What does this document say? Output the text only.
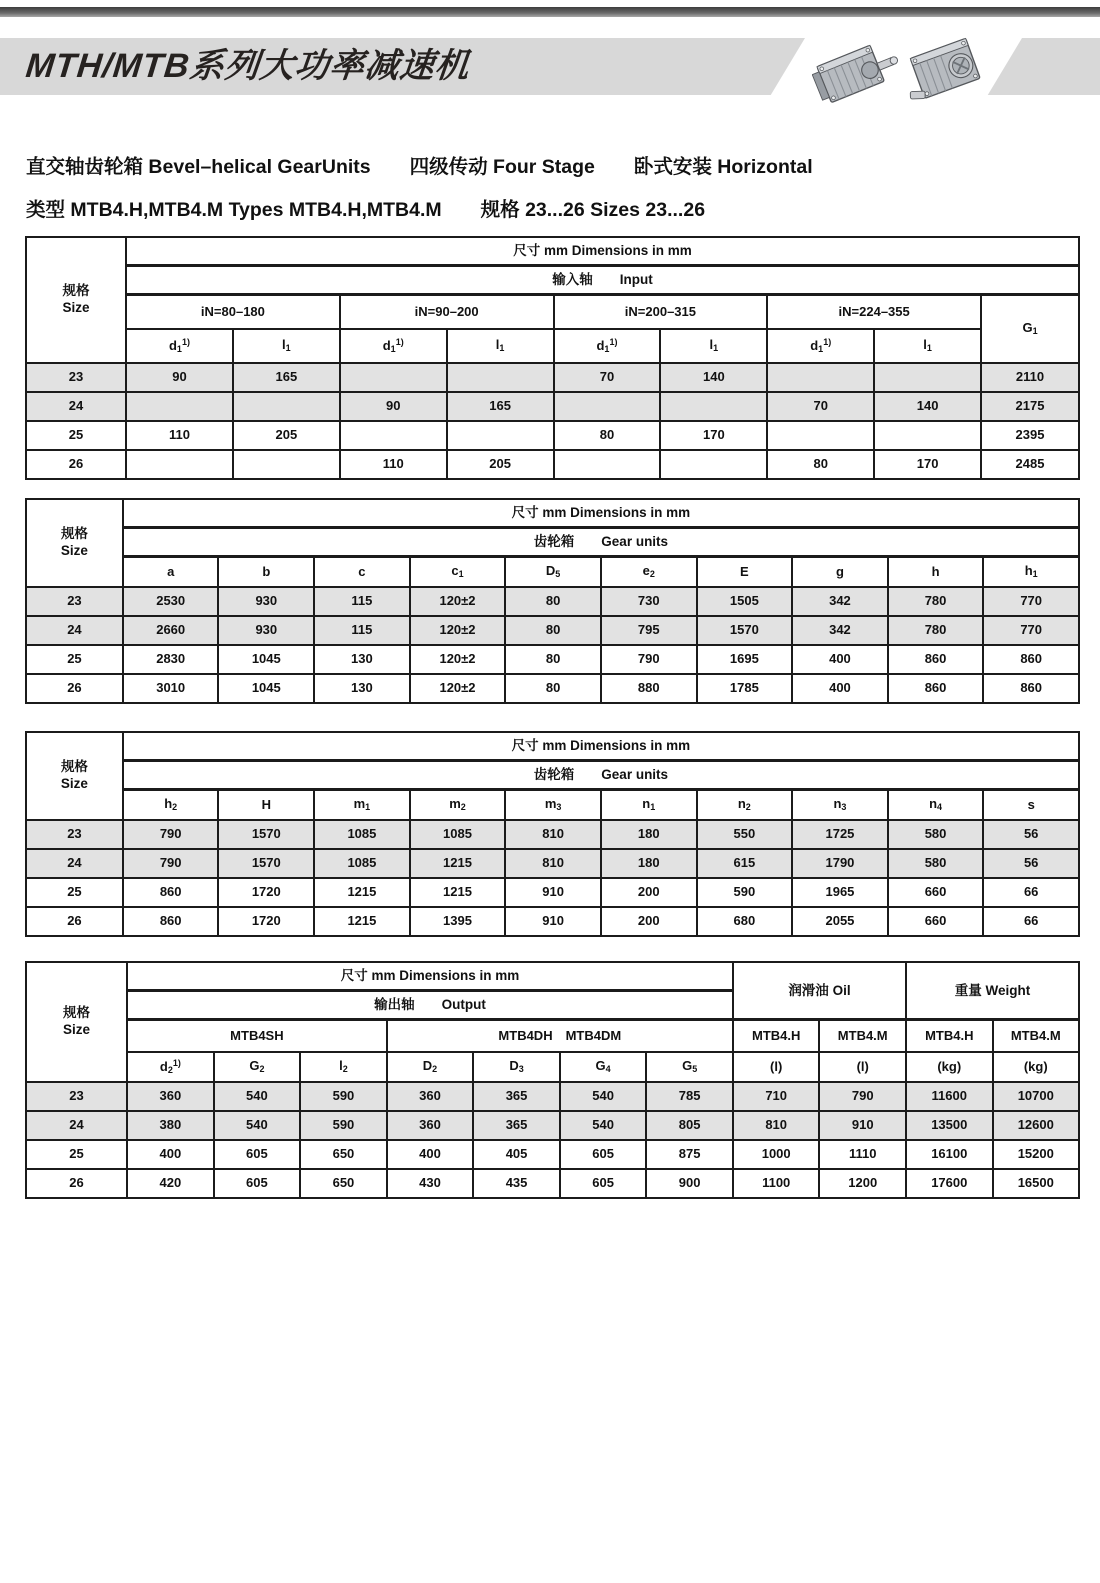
MTH/MTB系列大功率减速机
直交轴齿轮箱 Bevel–helical GearUnits　　四级传动 Four Stage　　卧式安装 Horizontal
类型 MTB4.H,MTB4.M Types MTB4.H,MTB4.M　　规格 23...26 Sizes 23...26
规格
Size	尺寸 mm Dimensions in mm								
	输入轴　　Input								
	iN=80–180		iN=90–200		iN=200–315		iN=224–355		$G_1$
	$d_1^{1)}$	$l_1$	$d_1^{1)}$	$l_1$	$d_1^{1)}$	$l_1$	$d_1^{1)}$	$l_1$
23	90	165			70	140			2110
24			90	165			70	140	2175
25	110	205			80	170			2395
26			110	205			80	170	2485
规格
Size	尺寸 mm Dimensions in mm									
	齿轮箱　　Gear units									
	a	b	c	$c_1$	$D_5$	$e_2$	E	g	h	$h_1$
23	2530	930	115	120±2	80	730	1505	342	780	770
24	2660	930	115	120±2	80	795	1570	342	780	770
25	2830	1045	130	120±2	80	790	1695	400	860	860
26	3010	1045	130	120±2	80	880	1785	400	860	860
规格
Size	尺寸 mm Dimensions in mm									
	齿轮箱　　Gear units									
	$h_2$	H	$m_1$	$m_2$	$m_3$	$n_1$	$n_2$	$n_3$	$n_4$	s
23	790	1570	1085	1085	810	180	550	1725	580	56
24	790	1570	1085	1215	810	180	615	1790	580	56
25	860	1720	1215	1215	910	200	590	1965	660	66
26	860	1720	1215	1395	910	200	680	2055	660	66
规格
Size	尺寸 mm Dimensions in mm							润滑油 Oil		重量 Weight	
	输出轴　　Output										
	MTB4SH			MTB4DH　MTB4DM				MTB4.H	MTB4.M	MTB4.H	MTB4.M
	$d_2^{1)}$	$G_2$	$l_2$	$D_2$	$D_3$	$G_4$	$G_5$	(l)	(l)	(kg)	(kg)
23	360	540	590	360	365	540	785	710	790	11600	10700
24	380	540	590	360	365	540	805	810	910	13500	12600
25	400	605	650	400	405	605	875	1000	1110	16100	15200
26	420	605	650	430	435	605	900	1100	1200	17600	16500
